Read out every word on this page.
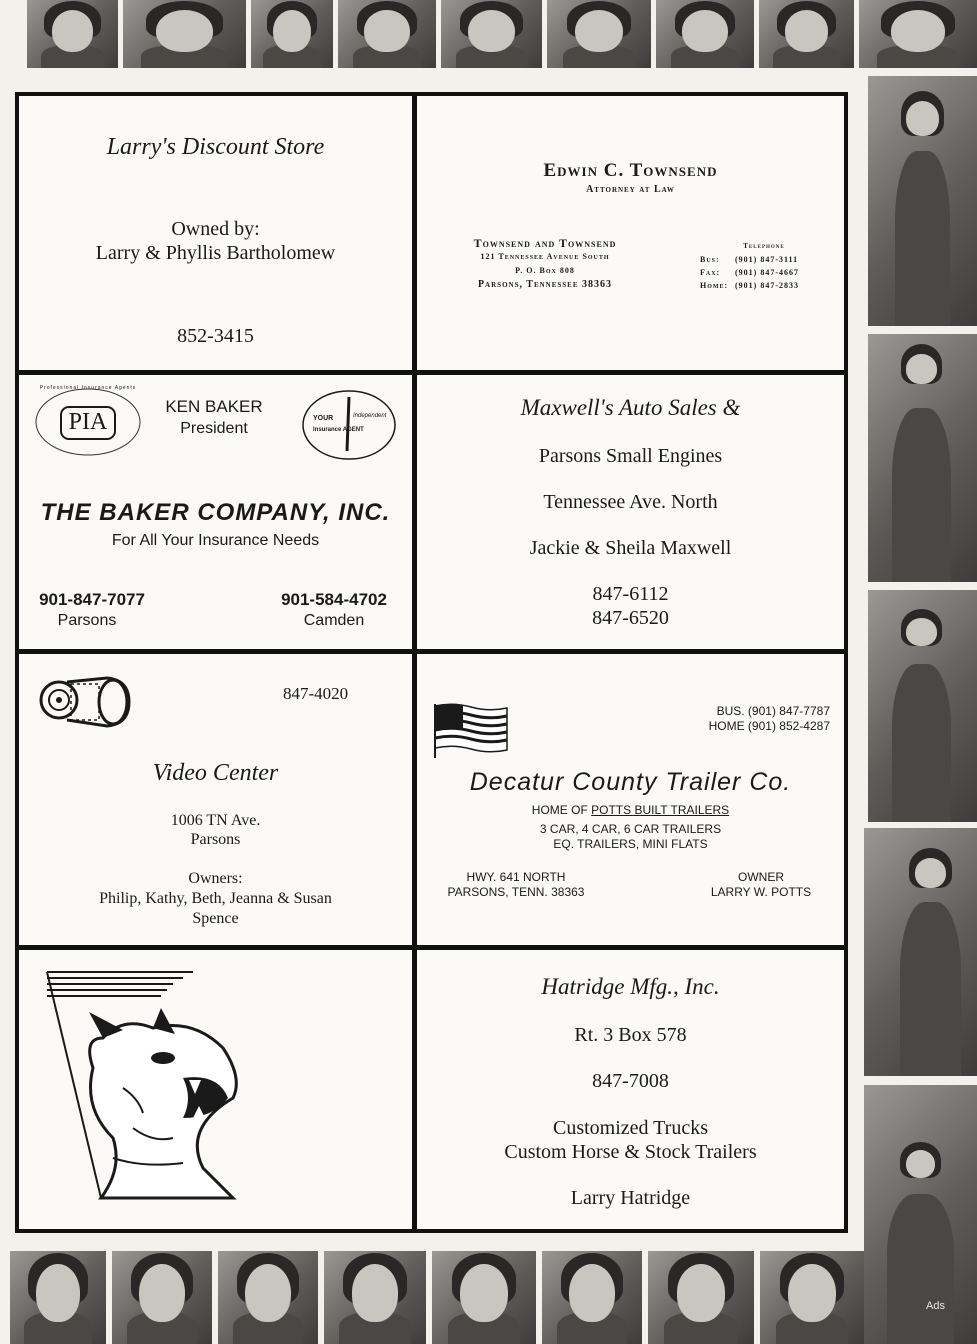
Ads
Larry's Discount Store
Owned by:
Larry & Phyllis Bartholomew
852-3415
Edwin C. Townsend
Attorney at Law
Townsend and Townsend
121 Tennessee Avenue South
P. O. Box 808
Parsons, Tennessee 38363
Telephone
Bus: (901) 847-3111
Fax: (901) 847-4667
Home: (901) 847-2833
PIA
Professional Insurance Agents
KEN BAKER
President
YOUR	Independent
Insurance AGENT
THE BAKER COMPANY, INC.
For All Your Insurance Needs
901-847-7077
Parsons
901-584-4702
Camden
Maxwell's Auto Sales &
Parsons Small Engines
Tennessee Ave. North
Jackie & Sheila Maxwell
847-6112
847-6520
847-4020
Video Center
1006 TN Ave.
Parsons
Owners:
Philip, Kathy, Beth, Jeanna & Susan
Spence
BUS. (901) 847-7787
HOME (901) 852-4287
Decatur County Trailer Co.
HOME OF POTTS BUILT TRAILERS
3 CAR, 4 CAR, 6 CAR TRAILERS
EQ. TRAILERS, MINI FLATS
HWY. 641 NORTH
PARSONS, TENN. 38363
OWNER
LARRY W. POTTS
Hatridge Mfg., Inc.
Rt. 3 Box 578
847-7008
Customized Trucks
Custom Horse & Stock Trailers
Larry Hatridge
